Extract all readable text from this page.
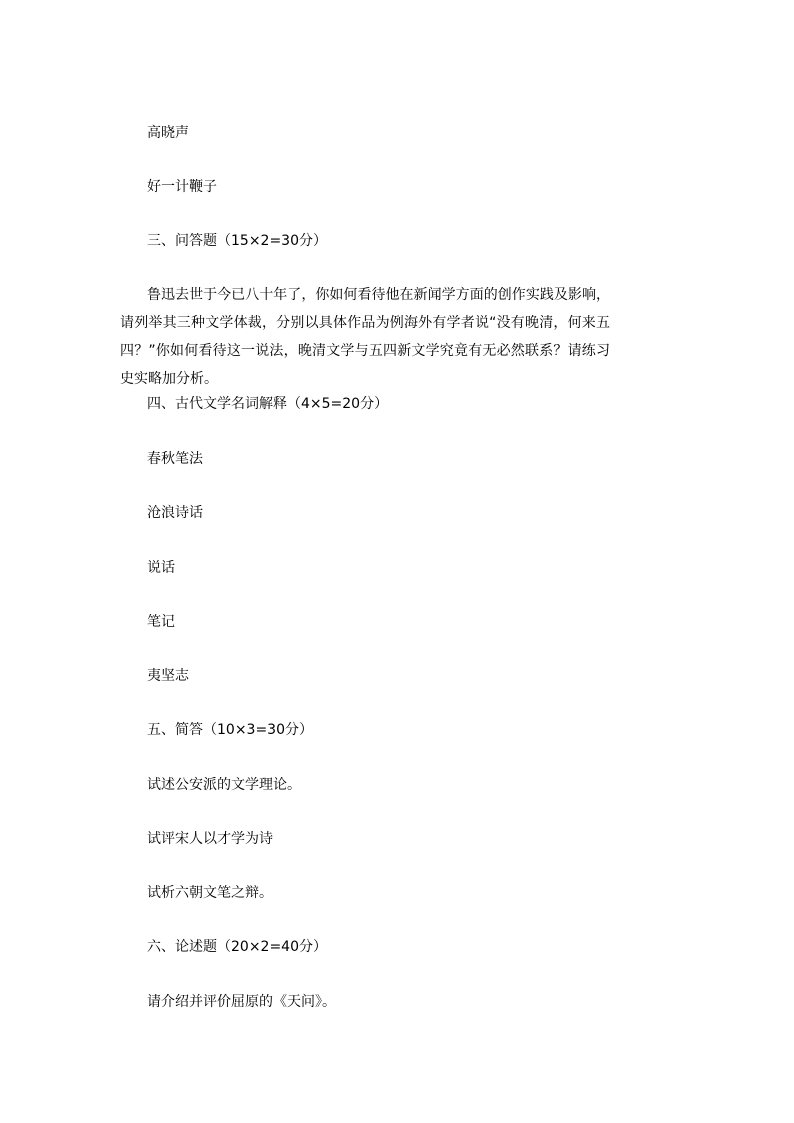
高晓声
好一计鞭子
三、问答题（15×2=30分）
鲁迅去世于今已八十年了，你如何看待他在新闻学方面的创作实践及影响，请列举其三种文学体裁，分别以具体作品为例海外有学者说“没有晚清，何来五四？”你如何看待这一说法，晚清文学与五四新文学究竟有无必然联系？请练习史实略加分析。
四、古代文学名词解释（4×5=20分）
春秋笔法
沧浪诗话
说话
笔记
夷坚志
五、简答（10×3=30分）
试述公安派的文学理论。
试评宋人以才学为诗
试析六朝文笔之辩。
六、论述题（20×2=40分）
请介绍并评价屈原的《天问》。
